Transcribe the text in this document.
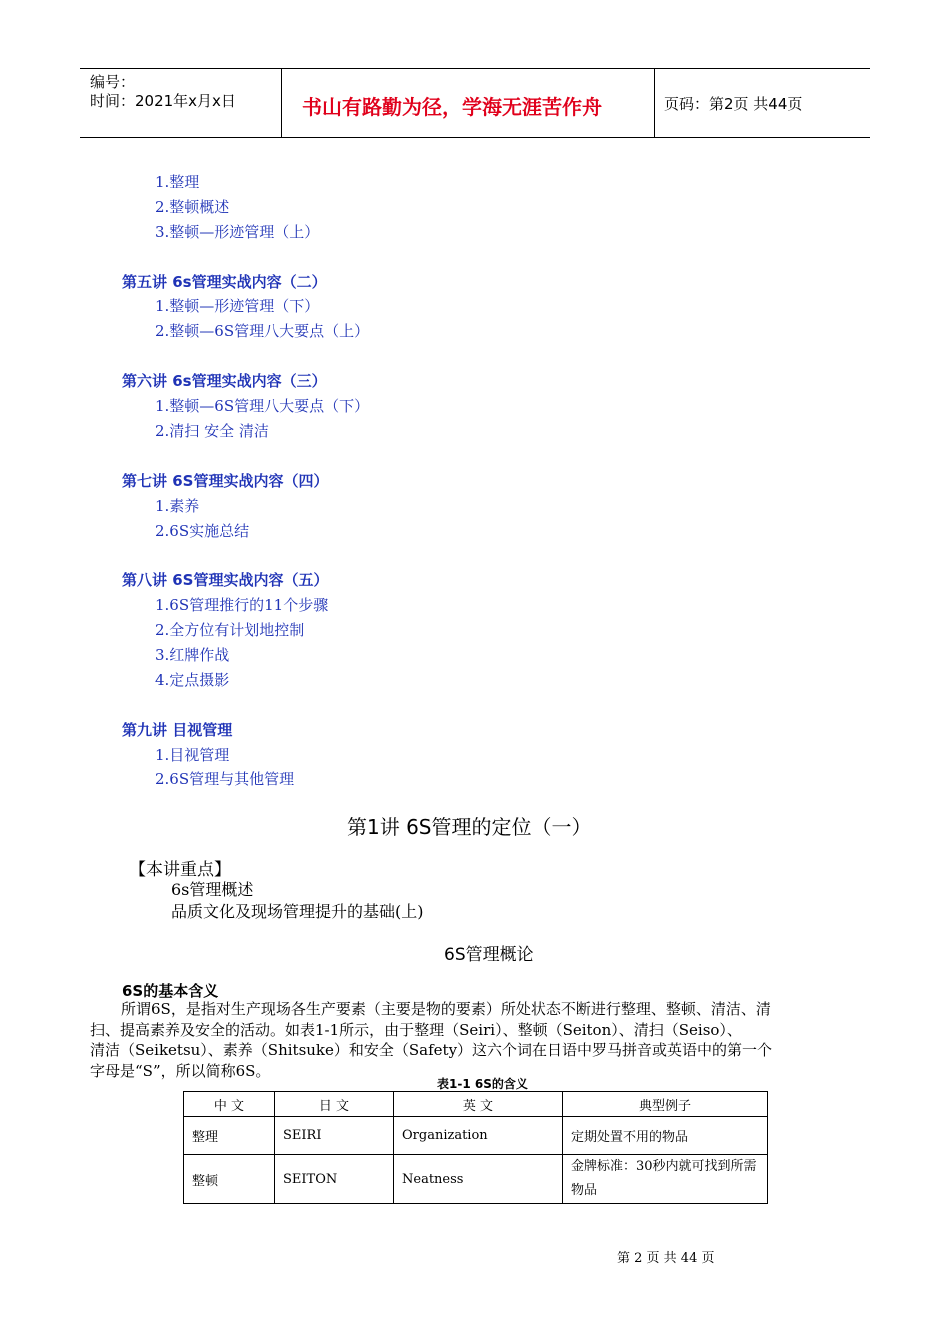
编号：
时间：2021年x月x日	书山有路勤为径，学海无涯苦作舟	页码：第2页 共44页
1.整理
2.整顿概述
3.整顿—形迹管理（上）
第五讲 6s管理实战内容（二）
1.整顿—形迹管理（下）
2.整顿—6S管理八大要点（上）
第六讲 6s管理实战内容（三）
1.整顿—6S管理八大要点（下）
2.清扫 安全 清洁
第七讲 6S管理实战内容（四）
1.素养
2.6S实施总结
第八讲 6S管理实战内容（五）
1.6S管理推行的11个步骤
2.全方位有计划地控制
3.红牌作战
4.定点摄影
第九讲 目视管理
1.目视管理
2.6S管理与其他管理
第1讲 6S管理的定位（一）
【本讲重点】
6s管理概述
品质文化及现场管理提升的基础(上)
6S管理概论
6S的基本含义
所谓6S，是指对生产现场各生产要素（主要是物的要素）所处状态不断进行整理、整顿、清洁、清
扫、提高素养及安全的活动。如表1-1所示，由于整理（Seiri）、整顿（Seiton）、清扫（Seiso）、
清洁（Seiketsu）、素养（Shitsuke）和安全（Safety）这六个词在日语中罗马拼音或英语中的第一个
字母是“S”，所以简称6S。
表1-1 6S的含义
中 文	日 文	英 文	典型例子
整理	SEIRI	Organization	定期处置不用的物品
整顿	SEITON	Neatness	金牌标准：30秒内就可找到所需物品
第 2 页 共 44 页
